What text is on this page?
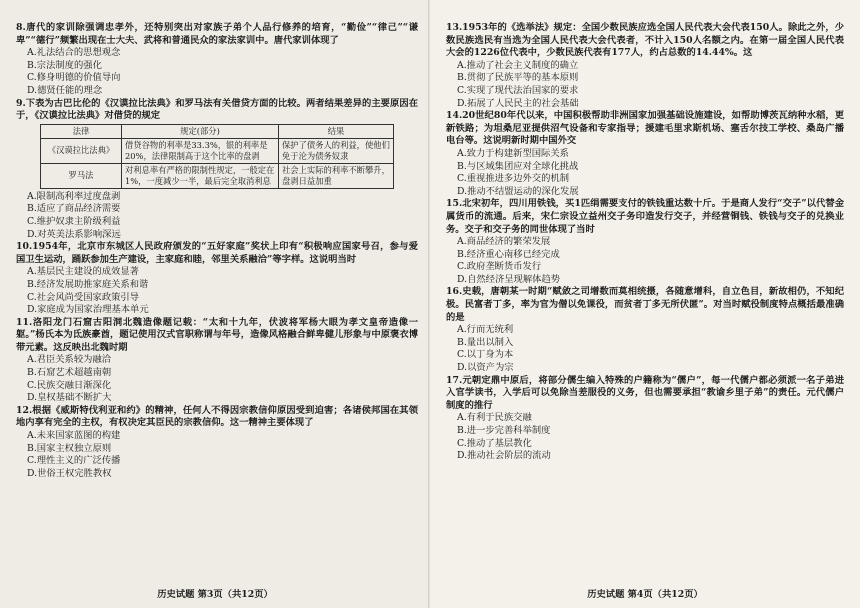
8.唐代的家训除强调忠孝外，还特别突出对家族子弟个人品行修养的培育，“勤俭”“律己”“谦卑”“德行”频繁出现在士大夫、武将和普通民众的家法家训中。唐代家训体现了

A.礼法结合的思想观念

B.宗法制度的强化

C.修身明德的价值导向

D.德贤任能的理念

9.下表为古巴比伦的《汉谟拉比法典》和罗马法有关借贷方面的比较。两者结果差异的主要原因在于，《汉谟拉比法典》对借贷的规定

法律	规定(部分)	结果
《汉谟拉比法典》	借贷谷物的利率是33.3%，银的利率是20%，法律限制高于这个比率的盘剥	保护了债务人的利益，使他们免于沦为债务奴隶
罗马法	对利息率有严格的限制性规定，一般定在1%，一度减少一半，最后完全取消利息	社会上实际的利率不断攀升，盘剥日益加重

A.限制高利率过度盘剥

B.适应了商品经济需要

C.维护奴隶主阶级利益

D.对英美法系影响深远

10.1954年，北京市东城区人民政府颁发的“五好家庭”奖状上印有“积极响应国家号召，参与爱国卫生运动，踊跃参加生产建设，主家庭和睦，邻里关系融洽”等字样。这说明当时

A.基层民主建设的成效显著

B.经济发展助推家庭关系和谐

C.社会风尚受国家政策引导

D.家庭成为国家治理基本单元

11.洛阳龙门石窟古阳洞北魏造像题记载：“太和十九年，伏波将军杨大眼为孝文皇帝造像一躯。”杨氏本为氐族豪酋，题记使用汉式官职称谓与年号，造像风格融合鲜卑健儿形象与中原褒衣博带元素。这反映出北魏时期

A.君臣关系较为融洽

B.石窟艺术超越南朝

C.民族交融日渐深化

D.皇权基础不断扩大

12.根据《威斯特伐利亚和约》的精神，任何人不得因宗教信仰原因受到迫害；各诸侯邦国在其领地内享有完全的主权，有权决定其臣民的宗教信仰。这一精神主要体现了

A.未来国家蓝图的构建

B.国家主权独立原则

C.理性主义的广泛传播

D.世俗王权完胜教权

历史试题 第3页（共12页）

13.1953年的《选举法》规定：全国少数民族应选全国人民代表大会代表150人。除此之外，少数民族选民有当选为全国人民代表大会代表者，不计入150人名额之内。在第一届全国人民代表大会的1226位代表中，少数民族代表有177人，约占总数的14.44%。这

A.推动了社会主义制度的确立

B.贯彻了民族平等的基本原则

C.实现了现代法治国家的要求

D.拓展了人民民主的社会基础

14.20世纪80年代以来，中国积极帮助非洲国家加强基础设施建设，如帮助博茨瓦纳种水稻，更新铁路；为坦桑尼亚提供沼气设备和专家指导；援建毛里求斯机场、塞舌尔技工学校、桑岛广播电台等。这说明新时期中国外交

A.致力于构建新型国际关系

B.与区域集团应对全球化挑战

C.重视推进多边外交的机制

D.推动不结盟运动的深化发展

15.北宋初年，四川用铁钱，买1匹绢需要支付的铁钱重达数十斤。于是商人发行“交子”以代替金属货币的流通。后来，宋仁宗设立益州交子务印造发行交子，并经营铜钱、铁钱与交子的兑换业务。交子和交子务的同世体现了当时

A.商品经济的繁荣发展

B.经济重心南移已经完成

C.政府垄断货币发行

D.自然经济呈现解体趋势

16.史载，唐朝某一时期“赋敛之司增数而莫相统摄，各随意增科，自立色目，新故相仍，不知纪极。民富者丁多，率为官为僧以免课役，而贫者丁多无所伏匿”。对当时赋役制度特点概括最准确的是

A.行而无统利

B.量出以制入

C.以丁身为本

D.以资产为宗

17.元朝定鼎中原后，将部分儒生编入特殊的户籍称为“儒户”，每一代儒户都必须派一名子弟进入官学读书，入学后可以免除当差服役的义务，但也需要承担“教谕乡里子弟”的责任。元代儒户制度的推行

A.有利于民族交融

B.进一步完善科举制度

C.推动了基层教化

D.推动社会阶层的流动

历史试题 第4页（共12页）
